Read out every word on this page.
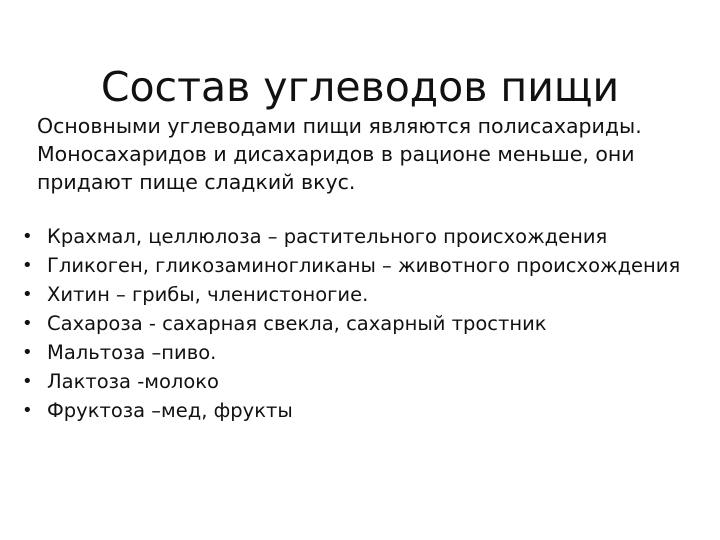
Состав углеводов пищи
Основными углеводами пищи являются полисахариды.
Моносахаридов и дисахаридов в рационе меньше, они
придают пище сладкий вкус.
• Крахмал, целлюлоза – растительного происхождения
• Гликоген, гликозаминогликаны – животного происхождения
• Хитин – грибы, членистоногие.
• Сахароза - сахарная свекла, сахарный тростник
• Мальтоза –пиво.
• Лактоза -молоко
• Фруктоза –мед, фрукты
